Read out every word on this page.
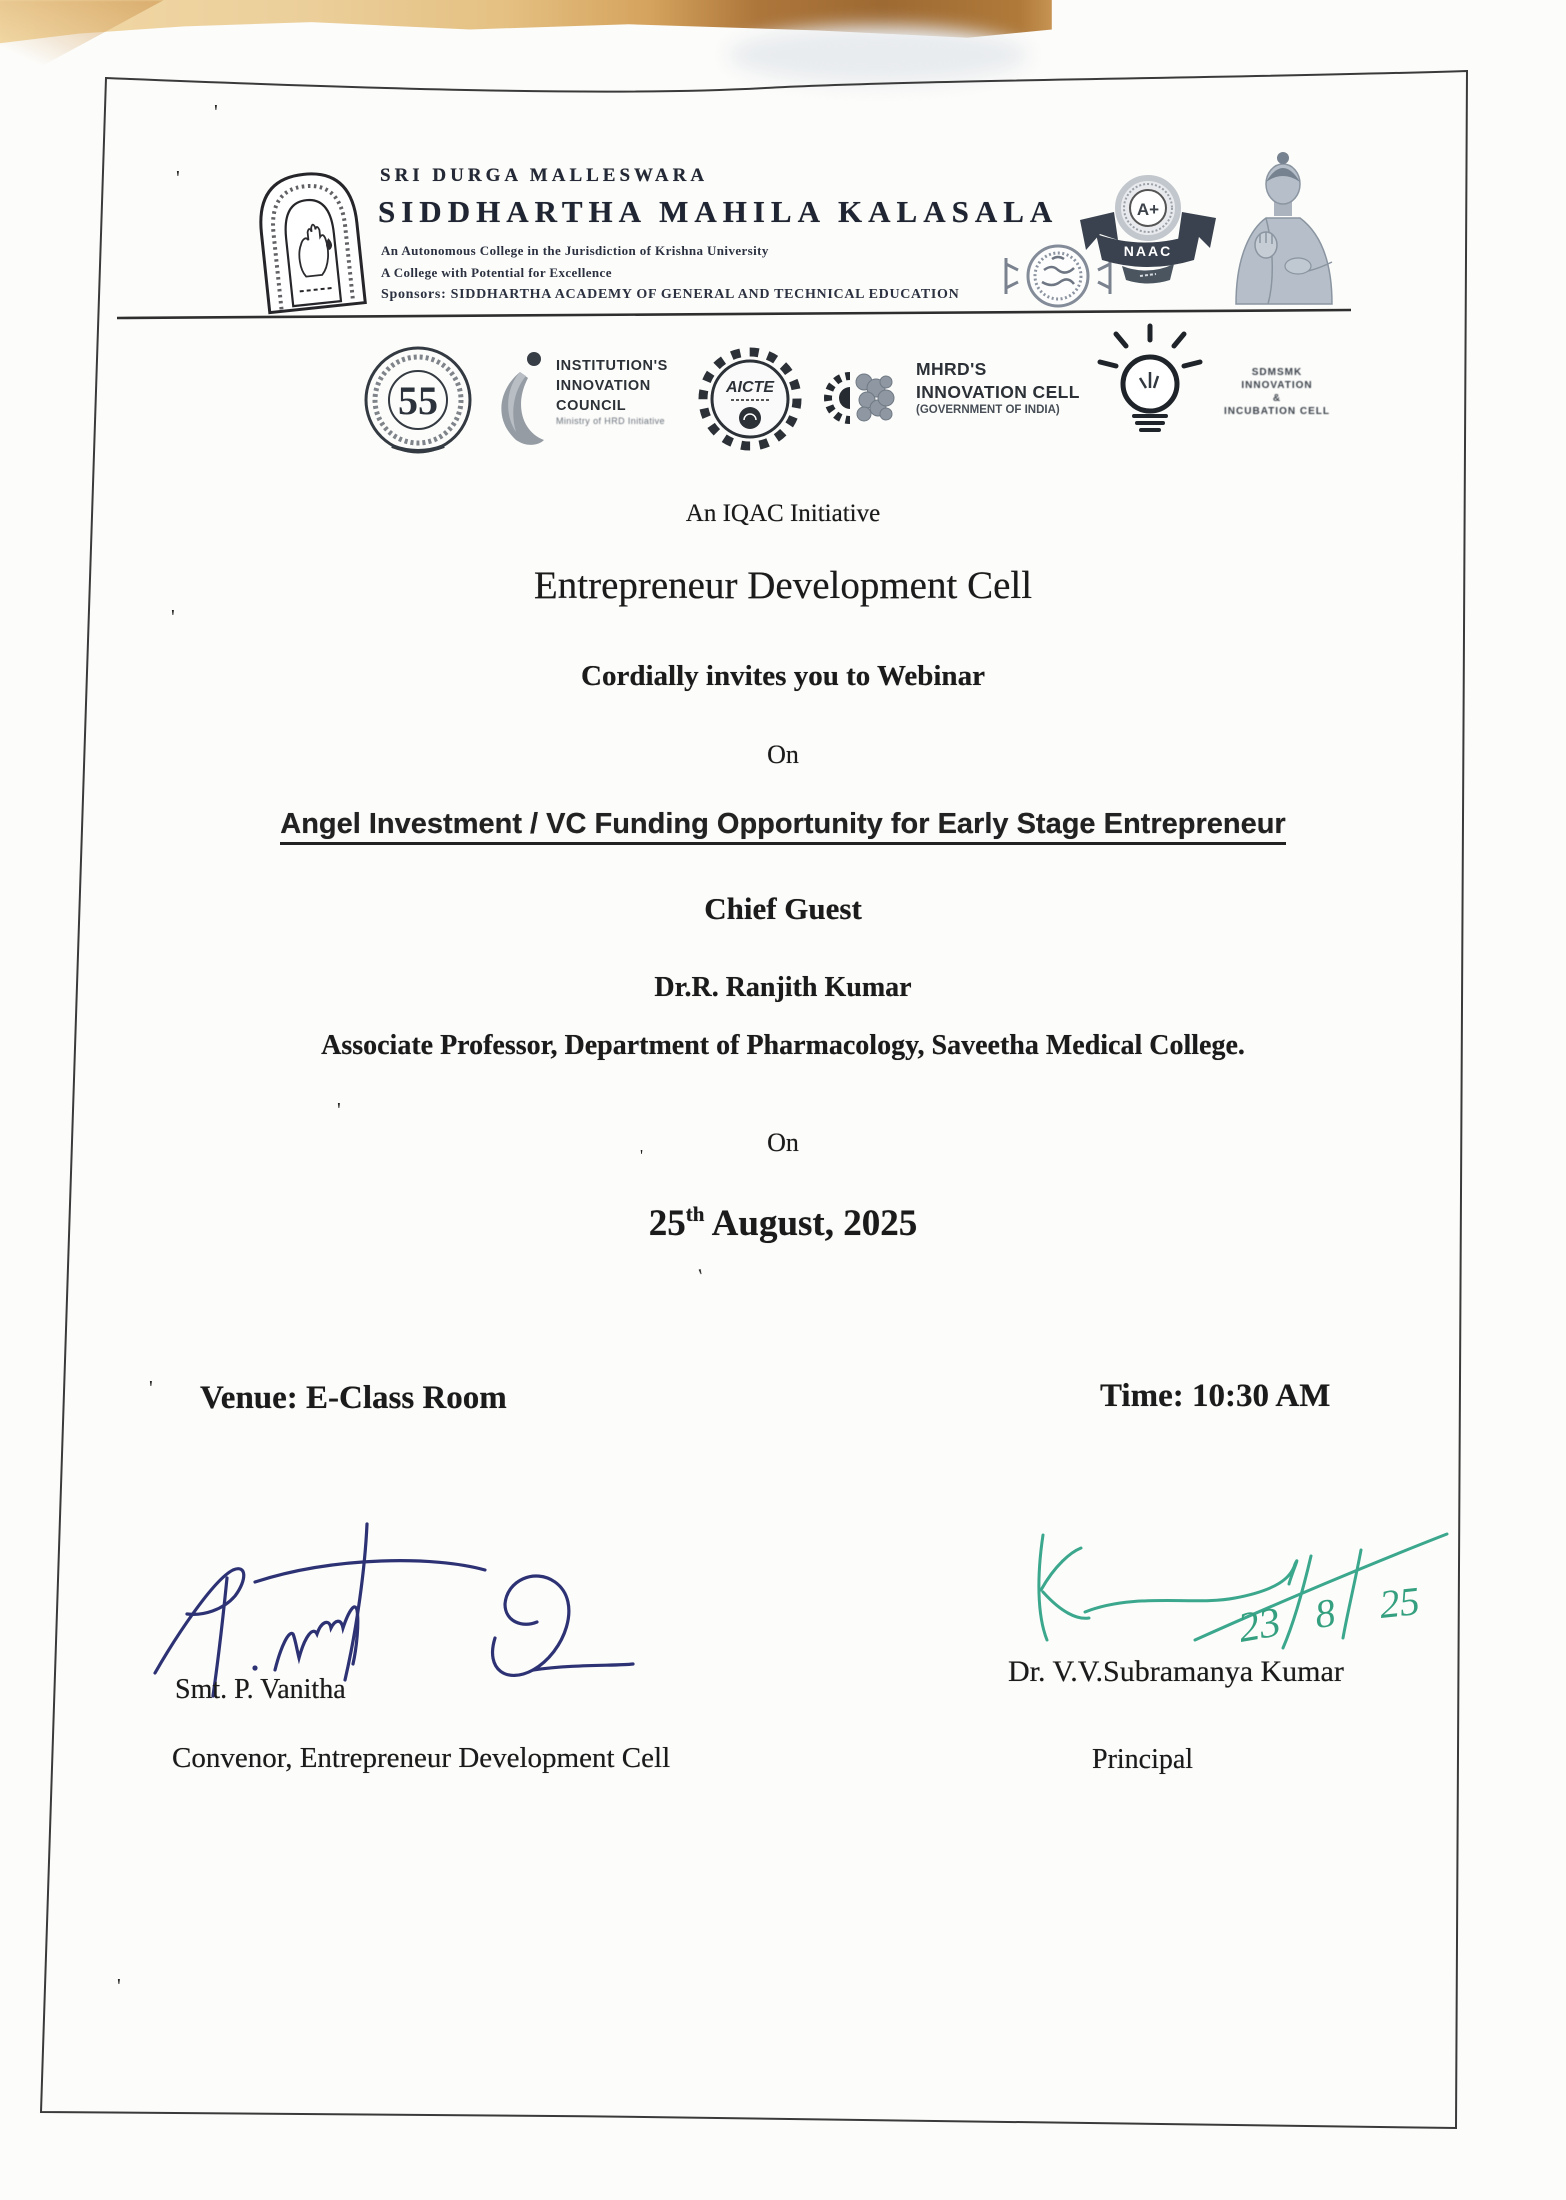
SRI DURGA MALLESWARA
SIDDHARTHA MAHILA KALASALA
An Autonomous College in the Jurisdiction of Krishna University
A College with Potential for Excellence
Sponsors: SIDDHARTHA ACADEMY OF GENERAL AND TECHNICAL EDUCATION
A+
NAAC
55
INSTITUTION'S
INNOVATION
COUNCIL
Ministry of HRD Initiative
AICTE
MHRD'S
INNOVATION CELL
(GOVERNMENT OF INDIA)
SDMSMK
INNOVATION
&
INCUBATION CELL
An IQAC Initiative
Entrepreneur Development Cell
Cordially invites you to Webinar
On
Angel Investment / VC Funding Opportunity for Early Stage Entrepreneur
Chief Guest
Dr.R. Ranjith Kumar
Associate Professor, Department of Pharmacology, Saveetha Medical College.
On
25th August, 2025
Venue: E-Class Room	Time: 10:30 AM
23 8 25
Smt. P. Vanitha
Dr. V.V.Subramanya Kumar
Convenor, Entrepreneur Development Cell	Principal
'
'
'
'
'
'
'
'
